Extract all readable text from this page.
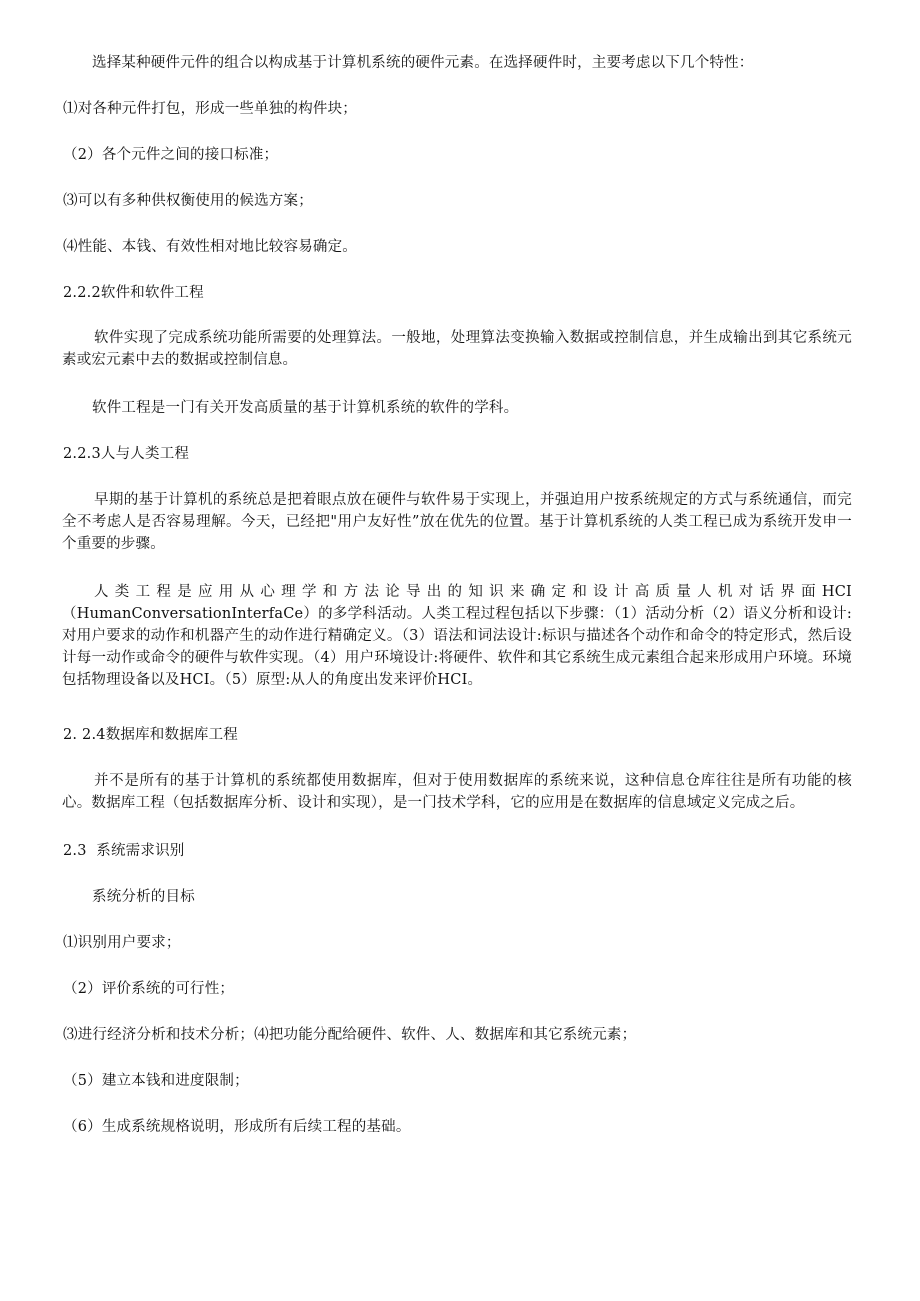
选择某种硬件元件的组合以构成基于计算机系统的硬件元素。在选择硬件时，主要考虑以下几个特性：

⑴对各种元件打包，形成一些单独的构件块；

（2）各个元件之间的接口标准；

⑶可以有多种供权衡使用的候选方案；

⑷性能、本钱、有效性相对地比较容易确定。

2.2.2软件和软件工程

软件实现了完成系统功能所需要的处理算法。一般地，处理算法变换输入数据或控制信息，并生成输出到其它系统元素或宏元素中去的数据或控制信息。

软件工程是一门有关开发高质量的基于计算机系统的软件的学科。

2.2.3人与人类工程

早期的基于计算机的系统总是把着眼点放在硬件与软件易于实现上，并强迫用户按系统规定的方式与系统通信，而完全不考虑人是否容易理解。今天，已经把"用户友好性”放在优先的位置。基于计算机系统的人类工程已成为系统开发申一个重要的步骤。

人类工程是应用从心理学和方法论导出的知识来确定和设计高质量人机对话界面HCI（HumanConversationInterfaCe）的多学科活动。人类工程过程包括以下步骤：（1）活动分析（2）语义分析和设计:对用户要求的动作和机器产生的动作进行精确定义。（3）语法和词法设计:标识与描述各个动作和命令的特定形式，然后设计每一动作或命令的硬件与软件实现。（4）用户环境设计:将硬件、软件和其它系统生成元素组合起来形成用户环境。环境包括物理设备以及HCI。（5）原型:从人的角度出发来评价HCI。

2. 2.4数据库和数据库工程

并不是所有的基于计算机的系统都使用数据库，但对于使用数据库的系统来说，这种信息仓库往往是所有功能的核心。数据库工程（包括数据库分析、设计和实现），是一门技术学科，它的应用是在数据库的信息域定义完成之后。

2.3  系统需求识别

系统分析的目标

⑴识别用户要求；

（2）评价系统的可行性；

⑶进行经济分析和技术分析；⑷把功能分配给硬件、软件、人、数据库和其它系统元素；

（5）建立本钱和进度限制；

（6）生成系统规格说明，形成所有后续工程的基础。
